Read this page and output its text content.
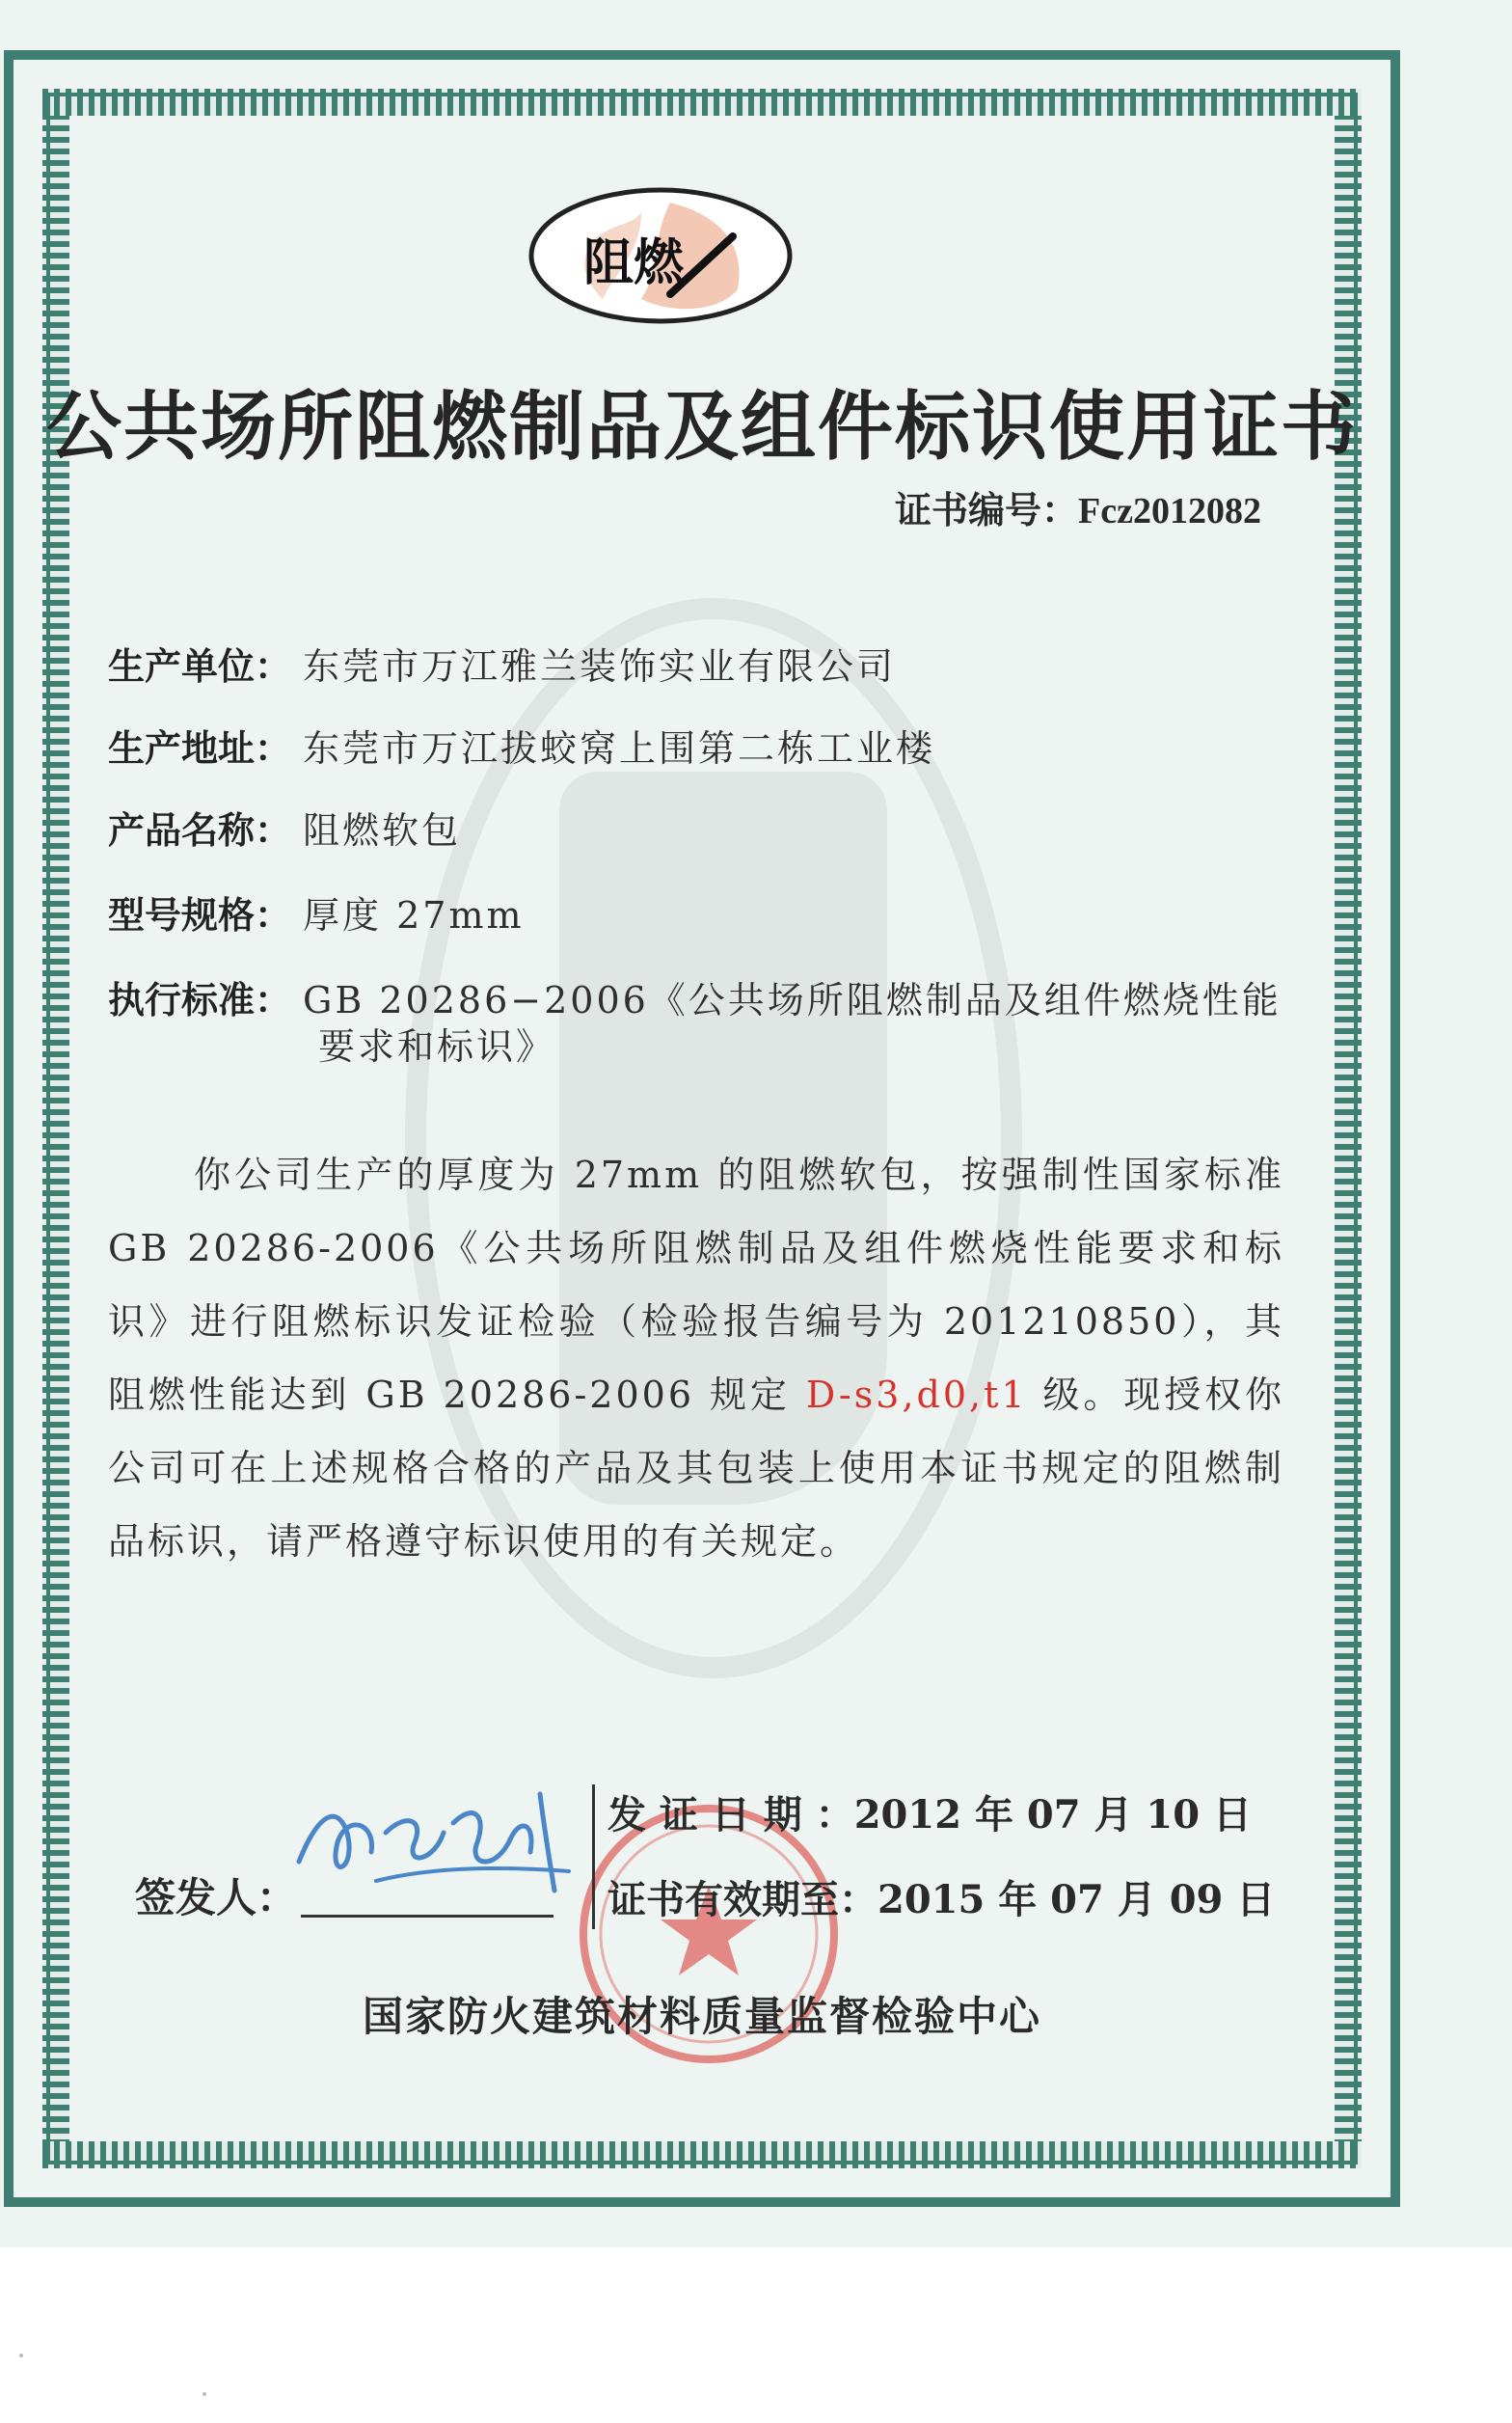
阻燃
公共场所阻燃制品及组件标识使用证书
证书编号：Fcz2012082
生产单位： 东莞市万江雅兰装饰实业有限公司
生产地址： 东莞市万江拔蛟窝上围第二栋工业楼
产品名称： 阻燃软包
型号规格： 厚度 27mm
执行标准： GB 20286−2006《公共场所阻燃制品及组件燃烧性能
要求和标识》
你公司生产的厚度为 27mm 的阻燃软包，按强制性国家标准 GB 20286-2006《公共场所阻燃制品及组件燃烧性能要求和标识》进行阻燃标识发证检验（检验报告编号为 201210850），其阻燃性能达到 GB 20286-2006 规定 D-s3,d0,t1 级。现授权你公司可在上述规格合格的产品及其包装上使用本证书规定的阻燃制品标识，请严格遵守标识使用的有关规定。
发 证 日 期 ：2012 年 07 月 10 日
证书有效期至：2015 年 07 月 09 日
签发人：
国家防火建筑材料质量监督检验中心
